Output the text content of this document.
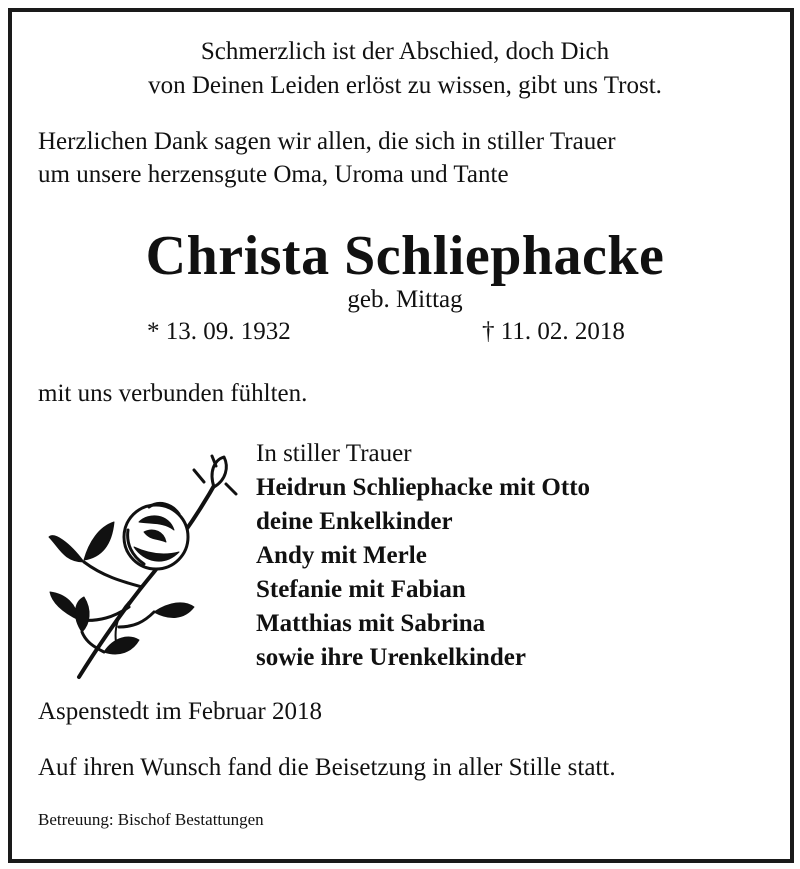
Schmerzlich ist der Abschied, doch Dich
von Deinen Leiden erlöst zu wissen, gibt uns Trost.
Herzlichen Dank sagen wir allen, die sich in stiller Trauer
um unsere herzensgute Oma, Uroma und Tante
Christa Schliephacke
geb. Mittag
* 13. 09. 1932	† 11. 02. 2018
mit uns verbunden fühlten.
In stiller Trauer
Heidrun Schliephacke mit Otto
deine Enkelkinder
Andy mit Merle
Stefanie mit Fabian
Matthias mit Sabrina
sowie ihre Urenkelkinder
Aspenstedt im Februar 2018
Auf ihren Wunsch fand die Beisetzung in aller Stille statt.
Betreuung: Bischof Bestattungen
